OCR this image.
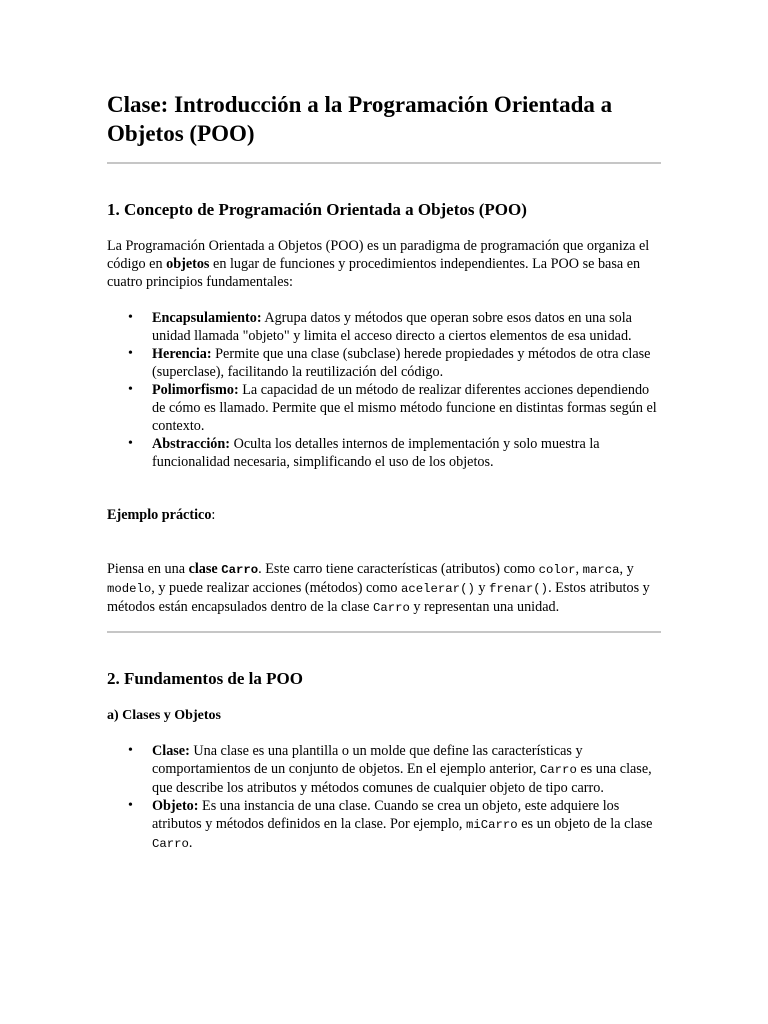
Clase: Introducción a la Programación Orientada a Objetos (POO)
1. Concepto de Programación Orientada a Objetos (POO)

La Programación Orientada a Objetos (POO) es un paradigma de programación que organiza el código en objetos en lugar de funciones y procedimientos independientes. La POO se basa en cuatro principios fundamentales:

• Encapsulamiento: Agrupa datos y métodos que operan sobre esos datos en una sola unidad llamada "objeto" y limita el acceso directo a ciertos elementos de esa unidad.
• Herencia: Permite que una clase (subclase) herede propiedades y métodos de otra clase (superclase), facilitando la reutilización del código.
• Polimorfismo: La capacidad de un método de realizar diferentes acciones dependiendo de cómo es llamado. Permite que el mismo método funcione en distintas formas según el contexto.
• Abstracción: Oculta los detalles internos de implementación y solo muestra la funcionalidad necesaria, simplificando el uso de los objetos.

Ejemplo práctico:

Piensa en una clase Carro. Este carro tiene características (atributos) como color, marca, y modelo, y puede realizar acciones (métodos) como acelerar() y frenar(). Estos atributos y métodos están encapsulados dentro de la clase Carro y representan una unidad.

2. Fundamentos de la POO
a) Clases y Objetos
• Clase: Una clase es una plantilla o un molde que define las características y comportamientos de un conjunto de objetos. En el ejemplo anterior, Carro es una clase, que describe los atributos y métodos comunes de cualquier objeto de tipo carro.
• Objeto: Es una instancia de una clase. Cuando se crea un objeto, este adquiere los atributos y métodos definidos en la clase. Por ejemplo, miCarro es un objeto de la clase Carro.
